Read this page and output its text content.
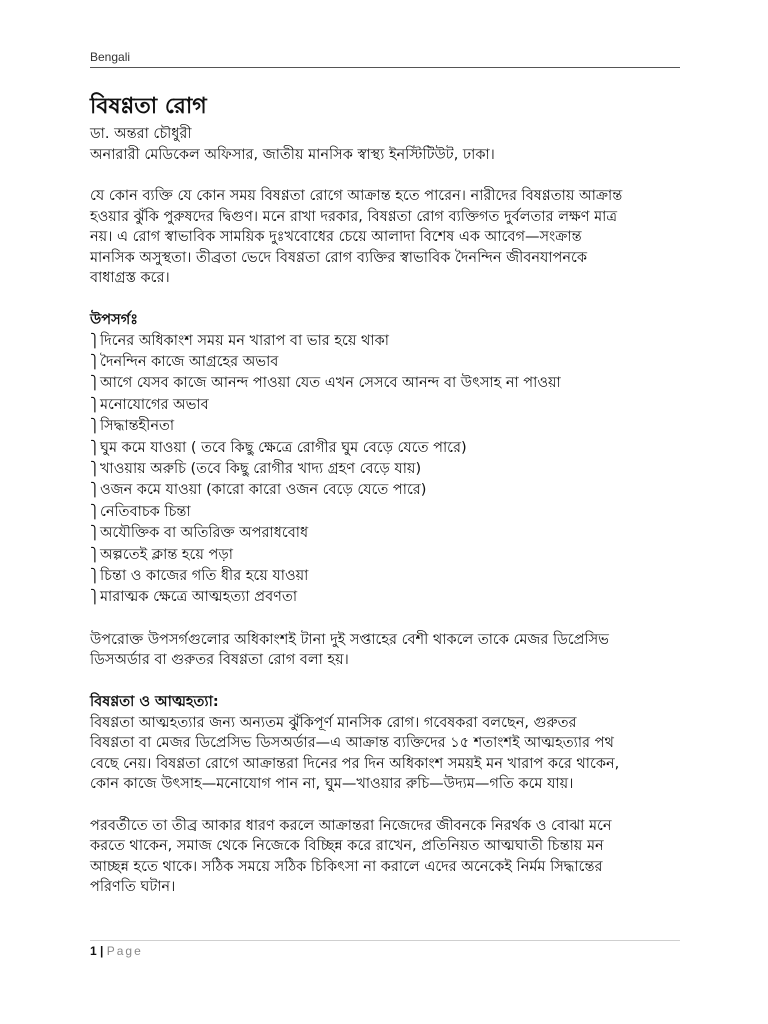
Bengali
বিষণ্ণতা রোগ

ডা. অন্তরা চৌধুরী

অনারারী মেডিকেল অফিসার, জাতীয় মানসিক স্বাস্থ্য ইনস্টিটিউট, ঢাকা।

যে কোন ব্যক্তি যে কোন সময় বিষণ্ণতা রোগে আক্রান্ত হতে পারেন। নারীদের বিষণ্ণতায় আক্রান্ত

হওয়ার ঝুঁকি পুরুষদের দ্বিগুণ। মনে রাখা দরকার, বিষণ্ণতা রোগ ব্যক্তিগত দুর্বলতার লক্ষণ মাত্র

নয়। এ রোগ স্বাভাবিক সাময়িক দুঃখবোধের চেয়ে আলাদা বিশেষ এক আবেগ—সংক্রান্ত

মানসিক অসুস্থতা। তীব্রতা ভেদে বিষণ্ণতা রোগ ব্যক্তির স্বাভাবিক দৈনন্দিন জীবনযাপনকে

বাধাগ্রস্ত করে।

উপসর্গঃ

⎫দিনের অধিকাংশ সময় মন খারাপ বা ভার হয়ে থাকা
⎫দৈনন্দিন কাজে আগ্রহের অভাব
⎫আগে যেসব কাজে আনন্দ পাওয়া যেত এখন সেসবে আনন্দ বা উৎসাহ না পাওয়া
⎫মনোযোগের অভাব
⎫সিদ্ধান্তহীনতা
⎫ঘুম কমে যাওয়া ( তবে কিছু ক্ষেত্রে রোগীর ঘুম বেড়ে যেতে পারে)
⎫খাওয়ায় অরুচি (তবে কিছু রোগীর খাদ্য গ্রহণ বেড়ে যায়)
⎫ওজন কমে যাওয়া (কারো কারো ওজন বেড়ে যেতে পারে)
⎫নেতিবাচক চিন্তা
⎫অযৌক্তিক বা অতিরিক্ত অপরাধবোধ
⎫অল্পতেই ক্লান্ত হয়ে পড়া
⎫চিন্তা ও কাজের গতি ধীর হয়ে যাওয়া
⎫মারাত্মক ক্ষেত্রে আত্মহত্যা প্রবণতা

উপরোক্ত উপসর্গগুলোর অধিকাংশই টানা দুই সপ্তাহের বেশী থাকলে তাকে মেজর ডিপ্রেসিভ

ডিসঅর্ডার বা গুরুতর বিষণ্ণতা রোগ বলা হয়।

বিষণ্ণতা ও আত্মহত্যা:

বিষণ্ণতা আত্মহত্যার জন্য অন্যতম ঝুঁকিপূর্ণ মানসিক রোগ। গবেষকরা বলছেন, গুরুতর

বিষণ্ণতা বা মেজর ডিপ্রেসিভ ডিসঅর্ডার—এ আক্রান্ত ব্যক্তিদের ১৫ শতাংশই আত্মহত্যার পথ

বেছে নেয়। বিষণ্ণতা রোগে আক্রান্তরা দিনের পর দিন অধিকাংশ সময়ই মন খারাপ করে থাকেন,

কোন কাজে উৎসাহ—মনোযোগ পান না, ঘুম—খাওয়ার রুচি—উদ্যম—গতি কমে যায়।

পরবর্তীতে তা তীব্র আকার ধারণ করলে আক্রান্তরা নিজেদের জীবনকে নিরর্থক ও বোঝা মনে

করতে থাকেন, সমাজ থেকে নিজেকে বিচ্ছিন্ন করে রাখেন, প্রতিনিয়ত আত্মঘাতী চিন্তায় মন

আচ্ছন্ন হতে থাকে। সঠিক সময়ে সঠিক চিকিৎসা না করালে এদের অনেকেই নির্মম সিদ্ধান্তের

পরিণতি ঘটান।

1 | Page
